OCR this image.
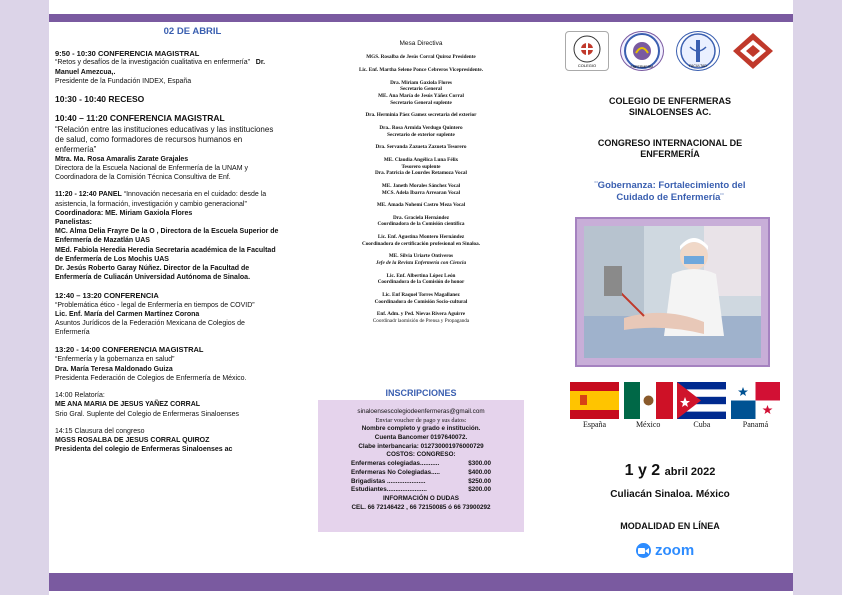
02 DE ABRIL
9:50 - 10:30 CONFERENCIA MAGISTRAL
“Retos y desafíos de la investigación cualitativa en enfermería” Dr. Manuel Amezcua,.
Presidente de la Fundación INDEX, España
10:30 - 10:40 RECESO
10:40 – 11:20 CONFERENCIA MAGISTRAL
“Relación entre las instituciones educativas y las instituciones de salud, como formadores de recursos humanos en enfermería”
Mtra. Ma. Rosa Amaralis Zarate Grajales
Directora de la Escuela Nacional de Enfermería de la UNAM y Coordinadora de la Comisión Técnica Consultiva de Enf.
11:20 - 12:40 PANEL “Innovación necesaria en el cuidado: desde la asistencia, la formación, investigación y cambio generacional”
Coordinadora: ME. Miriam Gaxiola Flores
Panelistas:
MC. Alma Delia Frayre De la O , Directora de la Escuela Superior de Enfermería de Mazatlán UAS
MEd. Fabiola Heredia Heredia Secretaria académica de la Facultad de Enfermería de Los Mochis UAS
Dr. Jesús Roberto Garay Núñez. Director de la Facultad de Enfermería de Culiacán Universidad Autónoma de Sinaloa.
12:40 – 13:20 CONFERENCIA
“Problemática ético - legal de Enfermería en tiempos de COVID”
Lic. Enf. María del Carmen Martínez Corona
Asuntos Jurídicos de la Federación Mexicana de Colegios de Enfermería
13:20 - 14:00 CONFERENCIA MAGISTRAL
“Enfermería y la gobernanza en salud”
Dra. María Teresa Maldonado Guiza
Presidenta Federación de Colegios de Enfermería de México.
14:00 Relatoría:
ME ANA MARIA DE JESUS YAÑEZ CORRAL
Srio Gral. Suplente del Colegio de Enfermeras Sinaloenses
14:15 Clausura del congreso
MGSS ROSALBA DE JESUS CORRAL QUIROZ
Presidenta del colegio de Enfermeras Sinaloenses ac
Mesa Directiva
MGS. Rosalba de Jesús Corral Quiroz Presidente
Lic. Enf. Martha Selene Ponce Cebreros Vicepresidente.
Dra. Miriam Gaxiola Flores
Secretario General
ME. Ana María de Jesús Yáñez Corral
Secretario General suplente
Dra. Herminia Páez Gamez secretaria del exterior
Dra.. Rosa Armida Verdugo Quintero
Secretario de exterior suplente
Dra. Servanda Zazueta Zazueta Tesorero
ME. Claudia Angélica Luna Félix
Tesorero suplente
Dra. Patricia de Lourdes Retamoza Vocal
ME. Janeth Morales Sánchez Vocal
MCS. Adela Ibarra Arrearan Vocal
ME. Amada Nohemí Castro Meza Vocal
Dra. Graciela Hernández
Coordinadora de la Comisión científica
Lic. Enf. Agustina Montero Hernández
Coordinadora de certificación profesional en Sinaloa.
ME. Silvia Uriarte Ontiveros
Jefe de la Revista Enfermería con Ciencia
Lic. Enf. Albertina López León
Coordinadora de la Comisión de honor
Lic. Enf Raquel Torres Magallanez
Coordinadora de Comisión Socio-cultural
Enf. Adm. y Ped. Nievas Rivera Aguirre
Coordinadr laomisión de Prensa y Propaganda
INSCRIPCIONES
sinaloensescolegiodeenfermeras@gmail.com
Enviar voucher de pago y sus datos:
Nombre completo y grado e institución.
Cuenta Bancomer 0197640072.
Clabe interbancaria: 012730001976000729
COSTOS: CONGRESO:
Enfermeras colegiadas...........	$300.00
Enfermeras No Colegiadas.....	$400.00
Brigadistas ......................	$250.00
Estudiantes.......................	$200.00
INFORMACIÓN O DUDAS
CEL. 66 72146422 , 66 72150085 ó 66 73900292
COLEGIO	ENFERMERÍA	FACULTAD
COLEGIO DE ENFERMERAS
SINALOENSES AC.
CONGRESO INTERNACIONAL DE
ENFERMERÍA
¨Gobernanza: Fortalecimiento del
Cuidado de Enfermería¨
España	México	Cuba	Panamá
1 y 2 abril 2022
Culiacán Sinaloa. México
MODALIDAD EN LÍNEA
zoom
